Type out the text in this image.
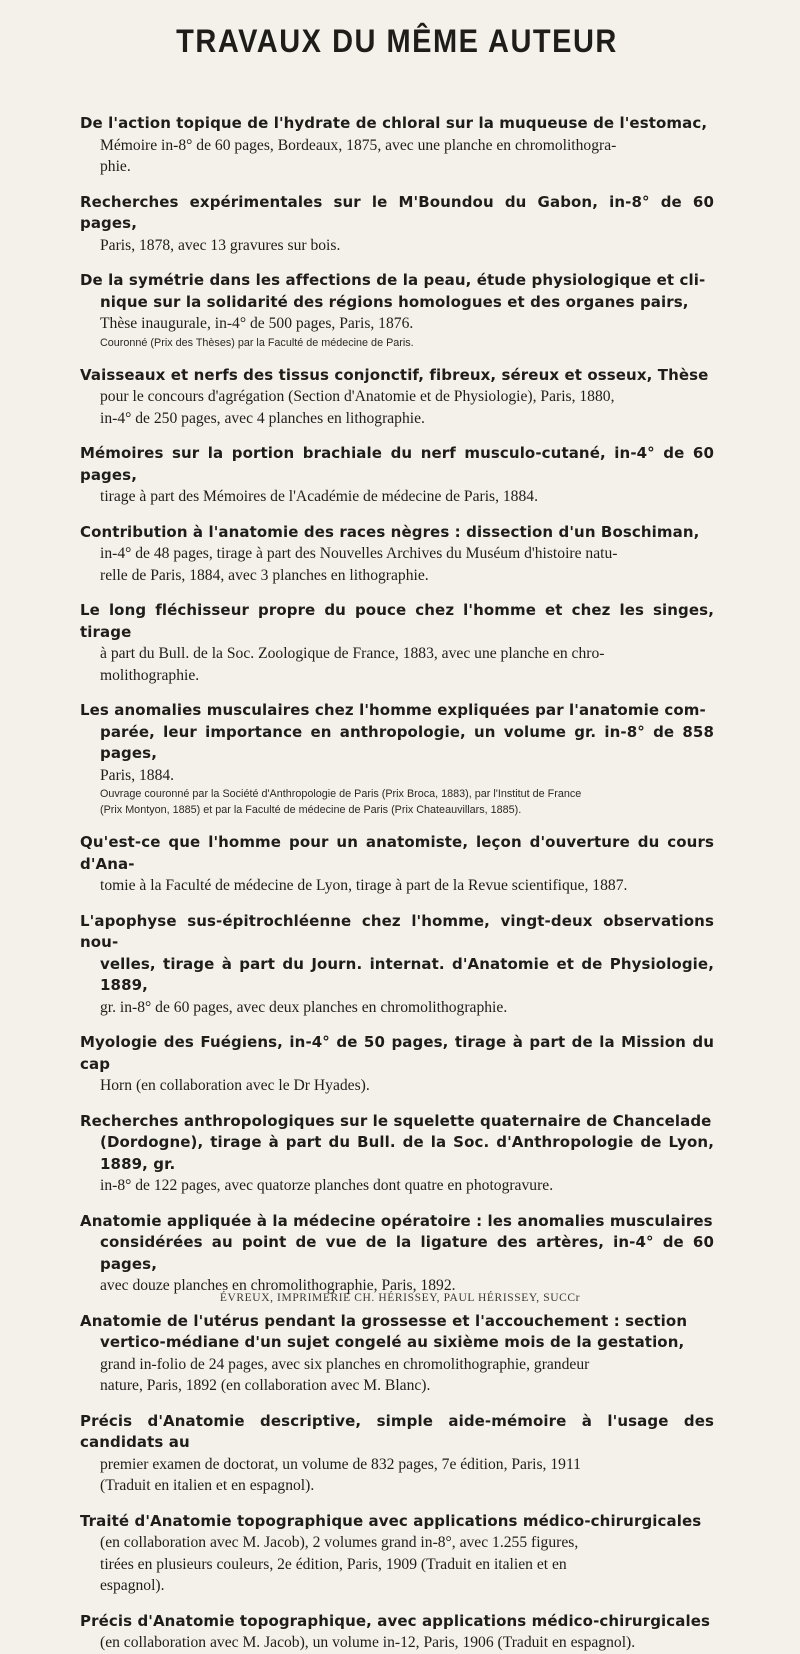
TRAVAUX DU MÊME AUTEUR
De l'action topique de l'hydrate de chloral sur la muqueuse de l'estomac,
Mémoire in-8° de 60 pages, Bordeaux, 1875, avec une planche en chromolithogra-
phie.
Recherches expérimentales sur le M'Boundou du Gabon, in-8° de 60 pages,
Paris, 1878, avec 13 gravures sur bois.
De la symétrie dans les affections de la peau, étude physiologique et cli-
nique sur la solidarité des régions homologues et des organes pairs,
Thèse inaugurale, in-4° de 500 pages, Paris, 1876.
Couronné (Prix des Thèses) par la Faculté de médecine de Paris.
Vaisseaux et nerfs des tissus conjonctif, fibreux, séreux et osseux, Thèse
pour le concours d'agrégation (Section d'Anatomie et de Physiologie), Paris, 1880,
in-4° de 250 pages, avec 4 planches en lithographie.
Mémoires sur la portion brachiale du nerf musculo-cutané, in-4° de 60 pages,
tirage à part des Mémoires de l'Académie de médecine de Paris, 1884.
Contribution à l'anatomie des races nègres : dissection d'un Boschiman,
in-4° de 48 pages, tirage à part des Nouvelles Archives du Muséum d'histoire natu-
relle de Paris, 1884, avec 3 planches en lithographie.
Le long fléchisseur propre du pouce chez l'homme et chez les singes, tirage
à part du Bull. de la Soc. Zoologique de France, 1883, avec une planche en chro-
molithographie.
Les anomalies musculaires chez l'homme expliquées par l'anatomie com-
parée, leur importance en anthropologie, un volume gr. in-8° de 858 pages,
Paris, 1884.
Ouvrage couronné par la Société d'Anthropologie de Paris (Prix Broca, 1883), par l'Institut de France
(Prix Montyon, 1885) et par la Faculté de médecine de Paris (Prix Chateauvillars, 1885).
Qu'est-ce que l'homme pour un anatomiste, leçon d'ouverture du cours d'Ana-
tomie à la Faculté de médecine de Lyon, tirage à part de la Revue scientifique, 1887.
L'apophyse sus-épitrochléenne chez l'homme, vingt-deux observations nou-
velles, tirage à part du Journ. internat. d'Anatomie et de Physiologie, 1889,
gr. in-8° de 60 pages, avec deux planches en chromolithographie.
Myologie des Fuégiens, in-4° de 50 pages, tirage à part de la Mission du cap
Horn (en collaboration avec le Dr Hyades).
Recherches anthropologiques sur le squelette quaternaire de Chancelade
(Dordogne), tirage à part du Bull. de la Soc. d'Anthropologie de Lyon, 1889, gr.
in-8° de 122 pages, avec quatorze planches dont quatre en photogravure.
Anatomie appliquée à la médecine opératoire : les anomalies musculaires
considérées au point de vue de la ligature des artères, in-4° de 60 pages,
avec douze planches en chromolithographie, Paris, 1892.
Anatomie de l'utérus pendant la grossesse et l'accouchement : section
vertico-médiane d'un sujet congelé au sixième mois de la gestation,
grand in-folio de 24 pages, avec six planches en chromolithographie, grandeur
nature, Paris, 1892 (en collaboration avec M. Blanc).
Précis d'Anatomie descriptive, simple aide-mémoire à l'usage des candidats au
premier examen de doctorat, un volume de 832 pages, 7e édition, Paris, 1911
(Traduit en italien et en espagnol).
Traité d'Anatomie topographique avec applications médico-chirurgicales
(en collaboration avec M. Jacob), 2 volumes grand in-8°, avec 1.255 figures,
tirées en plusieurs couleurs, 2e édition, Paris, 1909 (Traduit en italien et en
espagnol).
Précis d'Anatomie topographique, avec applications médico-chirurgicales
(en collaboration avec M. Jacob), un volume in-12, Paris, 1906 (Traduit en espagnol).
ÉVREUX, IMPRIMERIE CH. HÉRISSEY, PAUL HÉRISSEY, SUCCr
